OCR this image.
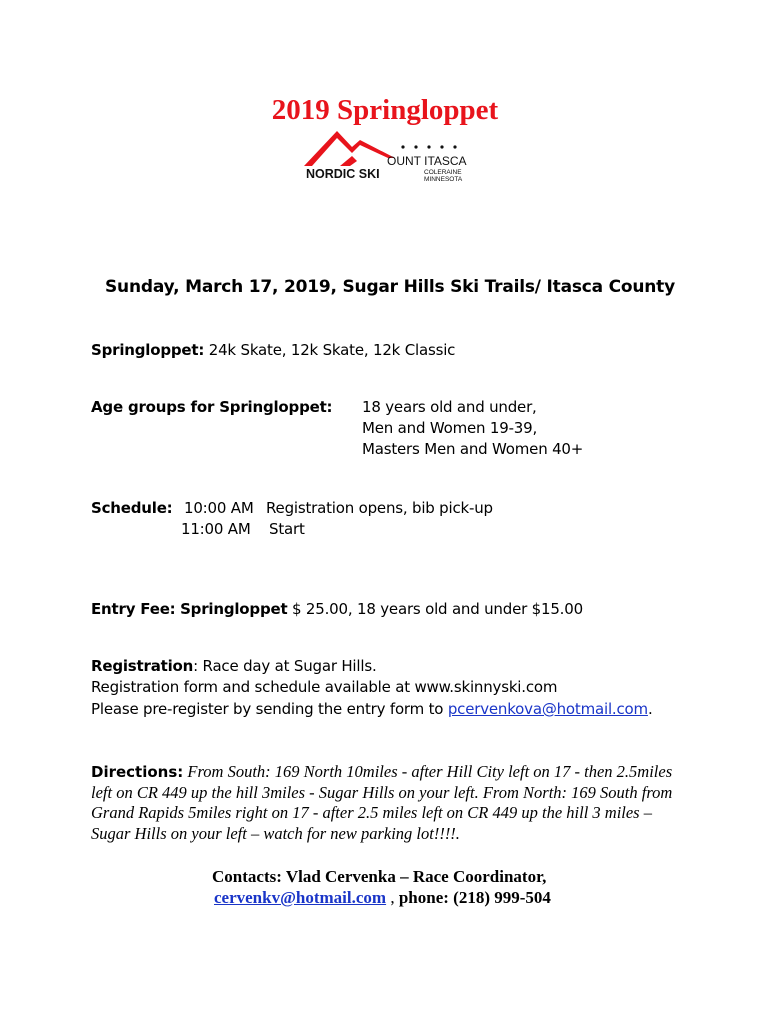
2019 Springloppet
OUNT ITASCA
NORDIC SKI	COLERAINE
MINNESOTA
Sunday, March 17, 2019, Sugar Hills Ski Trails/ Itasca County
Springloppet: 24k Skate, 12k Skate, 12k Classic
Age groups for Springloppet: 18 years old and under,
Men and Women 19-39,
Masters Men and Women 40+
Schedule: 10:00 AM Registration opens, bib pick-up
11:00 AM Start
Entry Fee: Springloppet $ 25.00, 18 years old and under $15.00
Registration: Race day at Sugar Hills.
Registration form and schedule available at www.skinnyski.com
Please pre-register by sending the entry form to pcervenkova@hotmail.com.
Directions: From South: 169 North 10miles - after Hill City left on 17 - then 2.5miles left on CR 449 up the hill 3miles - Sugar Hills on your left. From North: 169 South from Grand Rapids 5miles right on 17 - after 2.5 miles left on CR 449 up the hill 3 miles – Sugar Hills on your left – watch for new parking lot!!!!.
Contacts: Vlad Cervenka – Race Coordinator,
cervenkv@hotmail.com , phone: (218) 999-504
